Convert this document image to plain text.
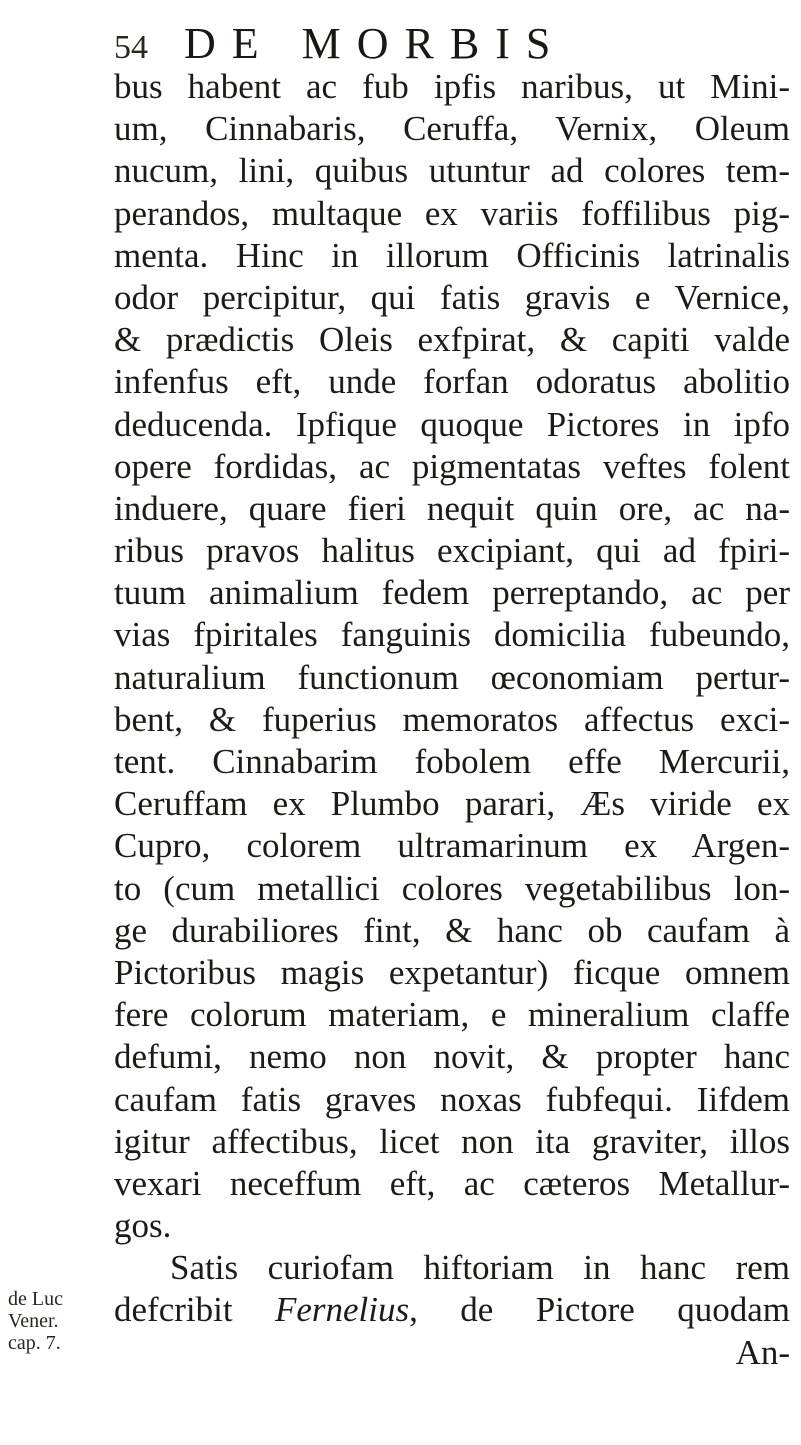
54 DE MORBIS
bus habent ac fub ipfis naribus, ut Mini-
um, Cinnabaris, Ceruffa, Vernix, Oleum
nucum, lini, quibus utuntur ad colores tem-
perandos, multaque ex variis foffilibus pig-
menta. Hinc in illorum Officinis latrinalis
odor percipitur, qui fatis gravis e Vernice,
& prædictis Oleis exfpirat, & capiti valde
infenfus eft, unde forfan odoratus abolitio
deducenda. Ipfique quoque Pictores in ipfo
opere fordidas, ac pigmentatas veftes folent
induere, quare fieri nequit quin ore, ac na-
ribus pravos halitus excipiant, qui ad fpiri-
tuum animalium fedem perreptando, ac per
vias fpiritales fanguinis domicilia fubeundo,
naturalium functionum œconomiam pertur-
bent, & fuperius memoratos affectus exci-
tent. Cinnabarim fobolem effe Mercurii,
Ceruffam ex Plumbo parari, Æs viride ex
Cupro, colorem ultramarinum ex Argen-
to (cum metallici colores vegetabilibus lon-
ge durabiliores fint, & hanc ob caufam à
Pictoribus magis expetantur) ficque omnem
fere colorum materiam, e mineralium claffe
defumi, nemo non novit, & propter hanc
caufam fatis graves noxas fubfequi. Iifdem
igitur affectibus, licet non ita graviter, illos
vexari neceffum eft, ac cæteros Metallur-
gos.
Satis curiofam hiftoriam in hanc rem
defcribit Fernelius, de Pictore quodam
An-
de Luc
Vener.
cap. 7.
